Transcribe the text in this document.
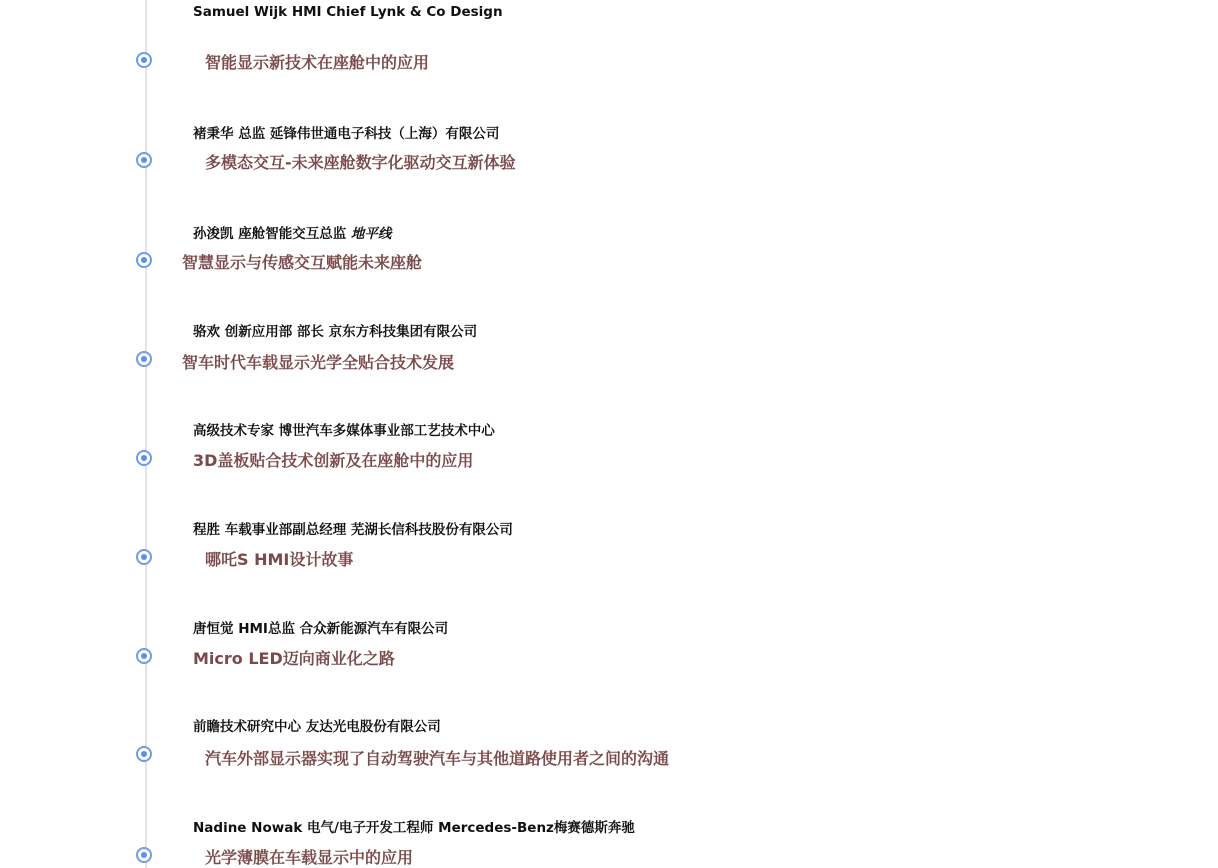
Samuel Wijk HMI Chief Lynk & Co Design
智能显示新技术在座舱中的应用
褚秉华 总监 延锋伟世通电子科技（上海）有限公司
多模态交互-未来座舱数字化驱动交互新体验
孙浚凯 座舱智能交互总监 地平线
智慧显示与传感交互赋能未来座舱
骆欢 创新应用部 部长 京东方科技集团有限公司
智车时代车载显示光学全贴合技术发展
高级技术专家 博世汽车多媒体事业部工艺技术中心
3D盖板贴合技术创新及在座舱中的应用
程胜 车载事业部副总经理 芜湖长信科技股份有限公司
哪吒S HMI设计故事
唐恒觉 HMI总监 合众新能源汽车有限公司
Micro LED迈向商业化之路
前瞻技术研究中心 友达光电股份有限公司
汽车外部显示器实现了自动驾驶汽车与其他道路使用者之间的沟通
Nadine Nowak 电气/电子开发工程师 Mercedes-Benz梅赛德斯奔驰
光学薄膜在车载显示中的应用
